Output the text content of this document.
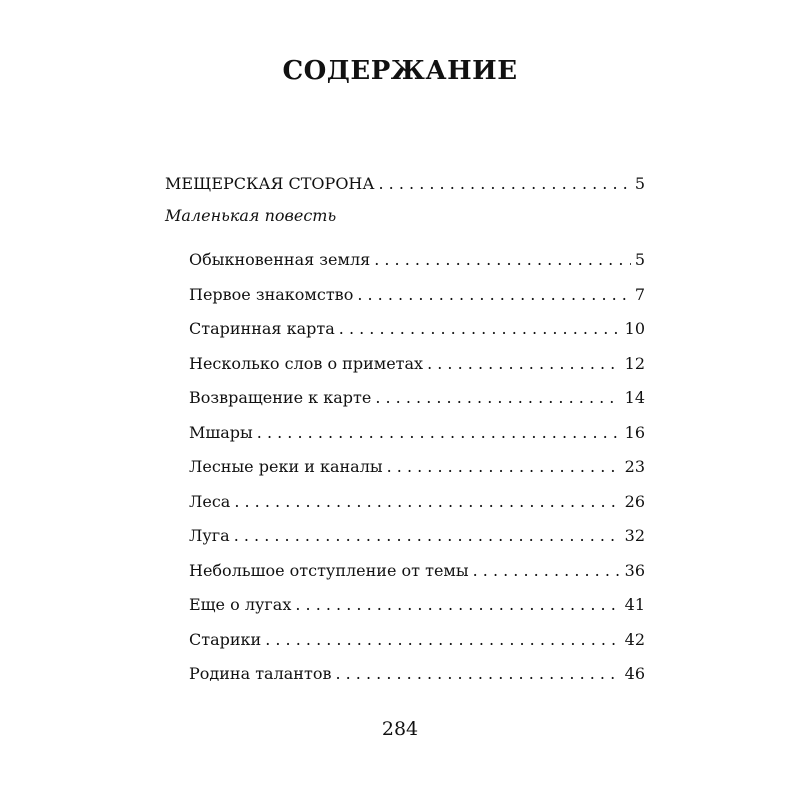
СОДЕРЖАНИЕ
МЕЩЕРСКАЯ СТОРОНА . . .	5
Маленькая повесть
Обыкновенная земля . . .	5
Первое знакомство . . .	7
Старинная карта . . .	10
Несколько слов о приметах . . .	12
Возвращение к карте . . .	14
Мшары . . .	16
Лесные реки и каналы . . .	23
Леса . . .	26
Луга . . .	32
Небольшое отступление от темы . . .	36
Еще о лугах . . .	41
Старики . . .	42
Родина талантов . . .	46
284
